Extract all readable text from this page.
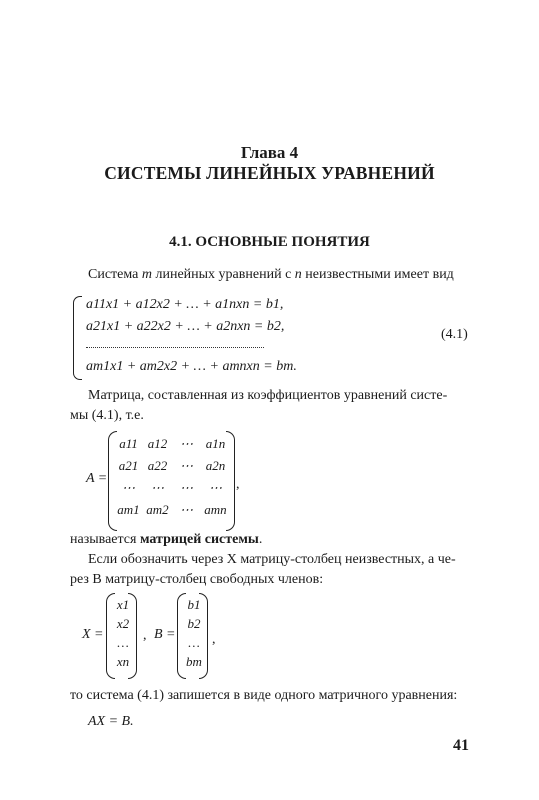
Глава 4
СИСТЕМЫ ЛИНЕЙНЫХ УРАВНЕНИЙ
4.1. ОСНОВНЫЕ ПОНЯТИЯ
Система m линейных уравнений с n неизвестными имеет вид
a11x1 + a12x2 + … + a1nxn = b1,
a21x1 + a22x2 + … + a2nxn = b2,
am1x1 + am2x2 + … + amnxn = bm.
(4.1)
Матрица, составленная из коэффициентов уравнений систе-
мы (4.1), т.е.
A =
a11 a12 ⋯ a1n
a21 a22 ⋯ a2n
⋯	⋯	⋯	⋯
am1 am2 ⋯ amn
,
называется матрицей системы.
Если обозначить через X матрицу-столбец неизвестных, а че-
рез B матрицу-столбец свободных членов:
X =
x1
x2
…
xn
, B =
b1
b2
…
bm
,
то система (4.1) запишется в виде одного матричного уравнения:
AX = B.
41
